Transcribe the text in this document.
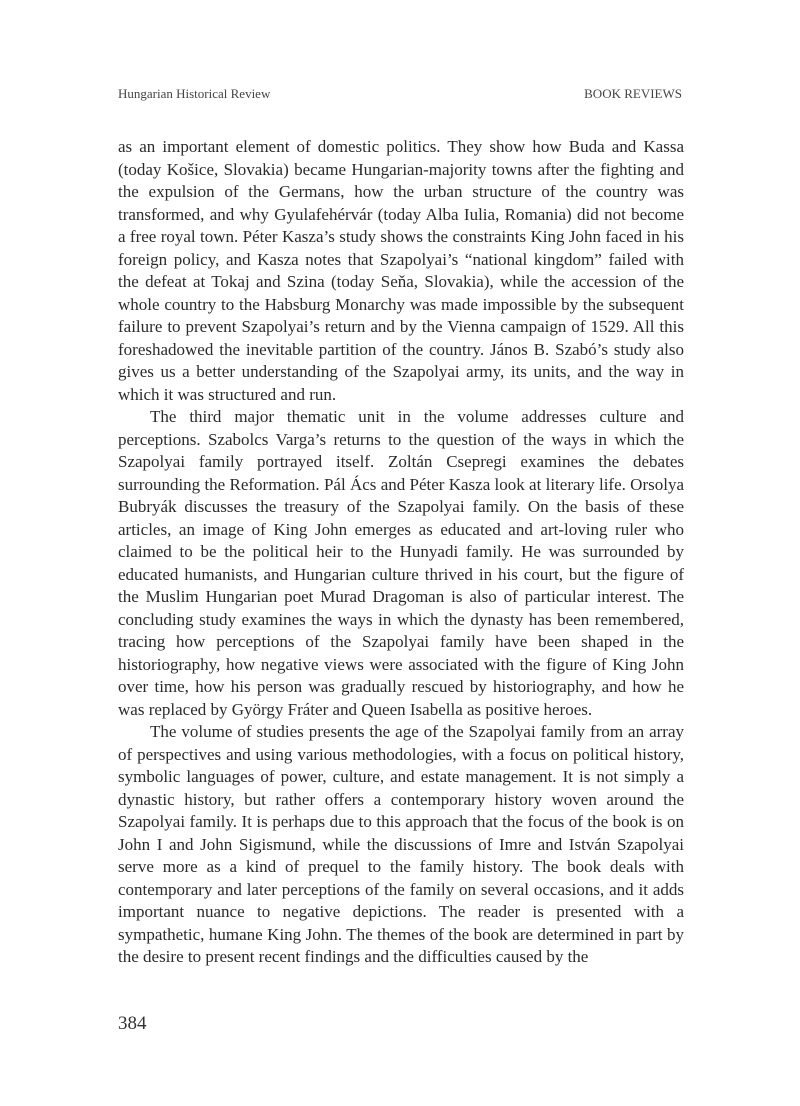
Hungarian Historical Review	BOOK REVIEWS

as an important element of domestic politics. They show how Buda and Kassa (today Košice, Slovakia) became Hungarian-majority towns after the fighting and the expulsion of the Germans, how the urban structure of the country was transformed, and why Gyulafehérvár (today Alba Iulia, Romania) did not become a free royal town. Péter Kasza’s study shows the constraints King John faced in his foreign policy, and Kasza notes that Szapolyai’s “national kingdom” failed with the defeat at Tokaj and Szina (today Seňa, Slovakia), while the accession of the whole country to the Habsburg Monarchy was made impossible by the subsequent failure to prevent Szapolyai’s return and by the Vienna campaign of 1529. All this foreshadowed the inevitable partition of the country. János B. Szabó’s study also gives us a better understanding of the Szapolyai army, its units, and the way in which it was structured and run.

The third major thematic unit in the volume addresses culture and perceptions. Szabolcs Varga’s returns to the question of the ways in which the Szapolyai family portrayed itself. Zoltán Csepregi examines the debates surrounding the Reformation. Pál Ács and Péter Kasza look at literary life. Orsolya Bubryák discusses the treasury of the Szapolyai family. On the basis of these articles, an image of King John emerges as educated and art-loving ruler who claimed to be the political heir to the Hunyadi family. He was surrounded by educated humanists, and Hungarian culture thrived in his court, but the figure of the Muslim Hungarian poet Murad Dragoman is also of particular interest. The concluding study examines the ways in which the dynasty has been remembered, tracing how perceptions of the Szapolyai family have been shaped in the historiography, how negative views were associated with the figure of King John over time, how his person was gradually rescued by historiography, and how he was replaced by György Fráter and Queen Isabella as positive heroes.

The volume of studies presents the age of the Szapolyai family from an array of perspectives and using various methodologies, with a focus on political history, symbolic languages of power, culture, and estate management. It is not simply a dynastic history, but rather offers a contemporary history woven around the Szapolyai family. It is perhaps due to this approach that the focus of the book is on John I and John Sigismund, while the discussions of Imre and István Szapolyai serve more as a kind of prequel to the family history. The book deals with contemporary and later perceptions of the family on several occasions, and it adds important nuance to negative depictions. The reader is presented with a sympathetic, humane King John. The themes of the book are determined in part by the desire to present recent findings and the difficulties caused by the

384
